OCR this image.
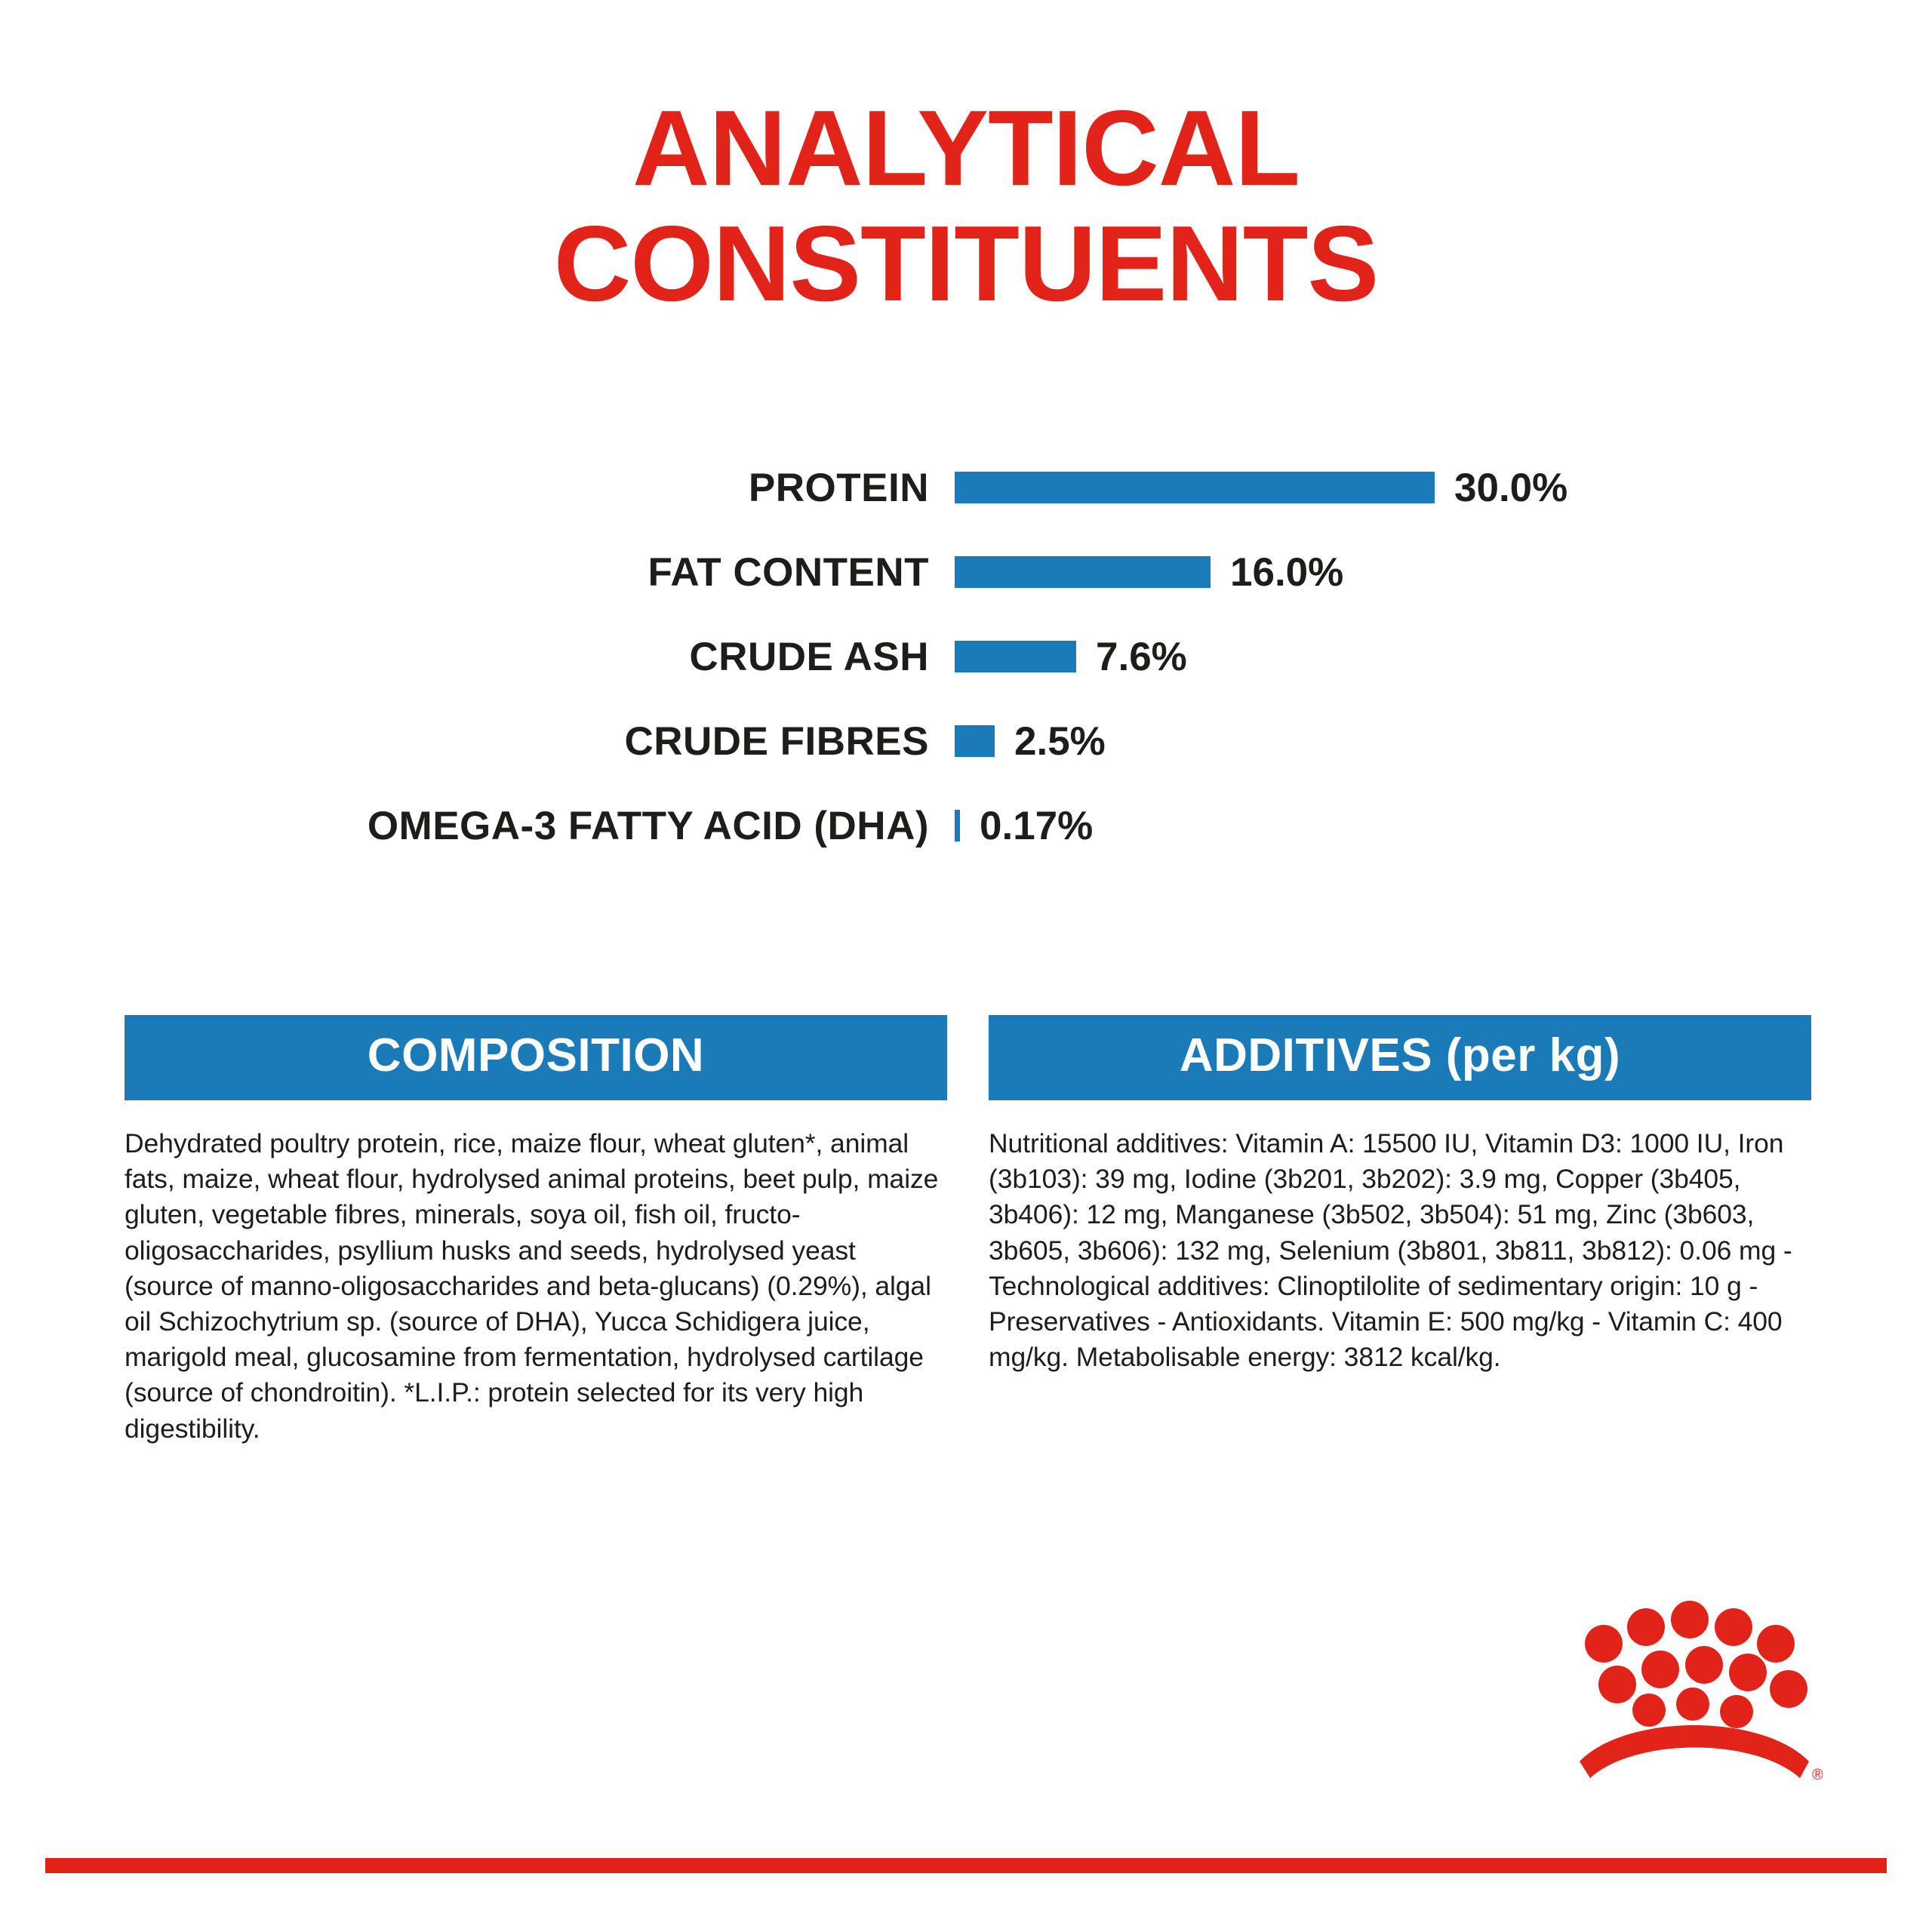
ANALYTICAL
CONSTITUENTS
PROTEIN	30.0%
FAT CONTENT	16.0%
CRUDE ASH	7.6%
CRUDE FIBRES	2.5%
OMEGA-3 FATTY ACID (DHA)	0.17%
COMPOSITION
Dehydrated poultry protein, rice, maize flour, wheat gluten*, animal fats, maize, wheat flour, hydrolysed animal proteins, beet pulp, maize gluten, vegetable fibres, minerals, soya oil, fish oil, fructo-oligosaccharides, psyllium husks and seeds, hydrolysed yeast (source of manno-oligosaccharides and beta-glucans) (0.29%), algal oil Schizochytrium sp. (source of DHA), Yucca Schidigera juice, marigold meal, glucosamine from fermentation, hydrolysed cartilage (source of chondroitin). *L.I.P.: protein selected for its very high digestibility.
ADDITIVES (per kg)
Nutritional additives: Vitamin A: 15500 IU, Vitamin D3: 1000 IU, Iron (3b103): 39 mg, Iodine (3b201, 3b202): 3.9 mg, Copper (3b405, 3b406): 12 mg, Manganese (3b502, 3b504): 51 mg, Zinc (3b603, 3b605, 3b606): 132 mg, Selenium (3b801, 3b811, 3b812): 0.06 mg - Technological additives: Clinoptilolite of sedimentary origin: 10 g - Preservatives - Antioxidants. Vitamin E: 500 mg/kg - Vitamin C: 400 mg/kg. Metabolisable energy: 3812 kcal/kg.
®
